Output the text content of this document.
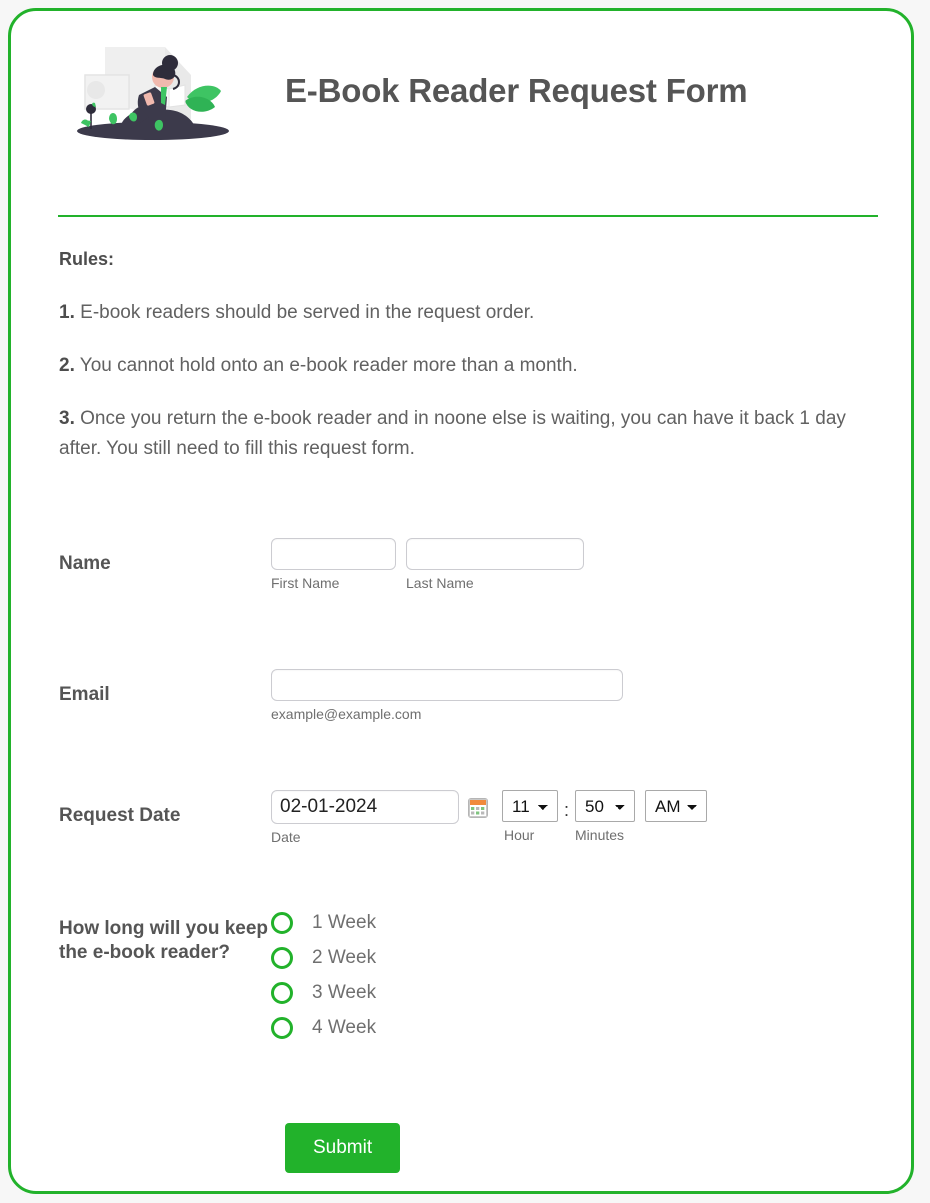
E-Book Reader Request Form
Rules:
1. E-book readers should be served in the request order.
2. You cannot hold onto an e-book reader more than a month.
3. Once you return the e-book reader and in noone else is waiting, you can have it back 1 day after. You still need to fill this request form.
Name
First Name	Last Name
Email
example@example.com
Request Date
02-01-2024
Date
11	Hour
:
50
Minutes
AM
How long will you keep the e-book reader?
1 Week
2 Week
3 Week
4 Week
Submit
